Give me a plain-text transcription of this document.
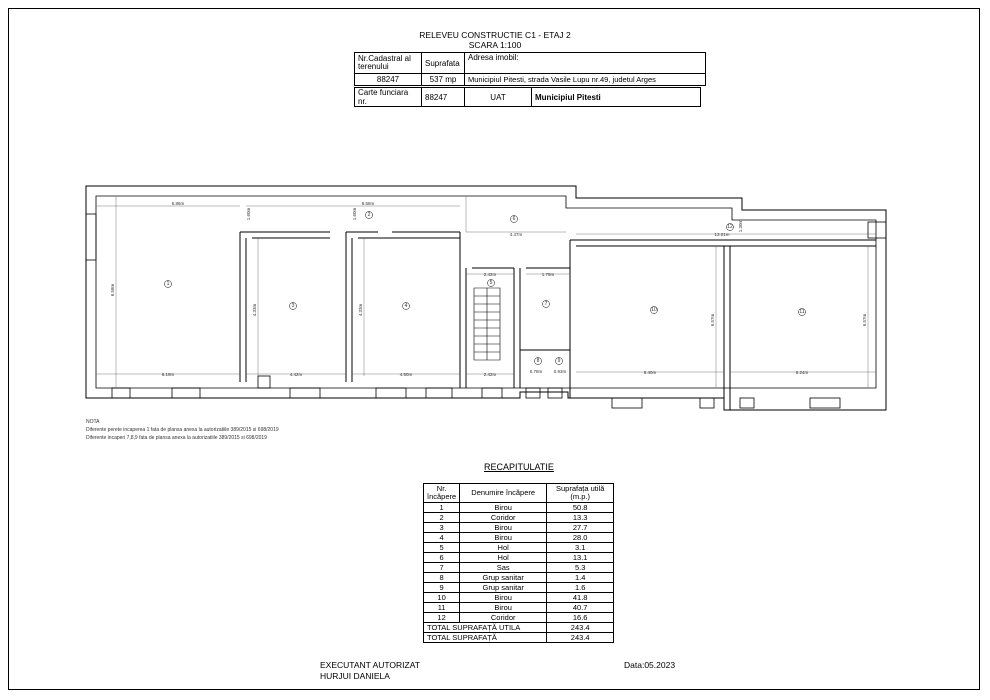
RELEVEU CONSTRUCTIE C1 - ETAJ 2
SCARA 1:100
Nr.Cadastral al terenului	Suprafata	Adresa imobil:
88247	537 mp	Municipiul Pitesti, strada Vasile Lupu nr.49, judetul Arges
Carte funciara nr.	88247	UAT	Municipiul Pitesti
1
2
3	4
5
6
7
8	9
10	11
12
6.86m	6.58m
4.47m	13.01m
2.42m	1.78m
6.19m	4.42m	4.50m	2.42m
0.78m	0.93m	6.40m	6.24m
6.58m
4.33m	4.33m
6.57m	6.57m
1.60m	1.60m
1.30m
NOTA
Diferente perete incaperea 1 fata de plansa anexa la autorizatiile 389/2015 si 698/2019
Diferente incaperi 7,8,9 fata de plansa anexa la autorizatiile 389/2015 si 698/2019
RECAPITULATIE
Nr. încăpere	Denumire încăpere	Suprafața utilă (m.p.)
1	Birou	50.8
2	Coridor	13.3
3	Birou	27.7
4	Birou	28.0
5	Hol	3.1
6	Hol	13.1
7	Sas	5.3
8	Grup sanitar	1.4
9	Grup sanitar	1.6
10	Birou	41.8
11	Birou	40.7
12	Coridor	16.6
TOTAL SUPRAFAȚĂ UTILA		243.4
TOTAL SUPRAFAȚĂ		243.4
EXECUTANT AUTORIZAT
HURJUI DANIELA
Data:05.2023
